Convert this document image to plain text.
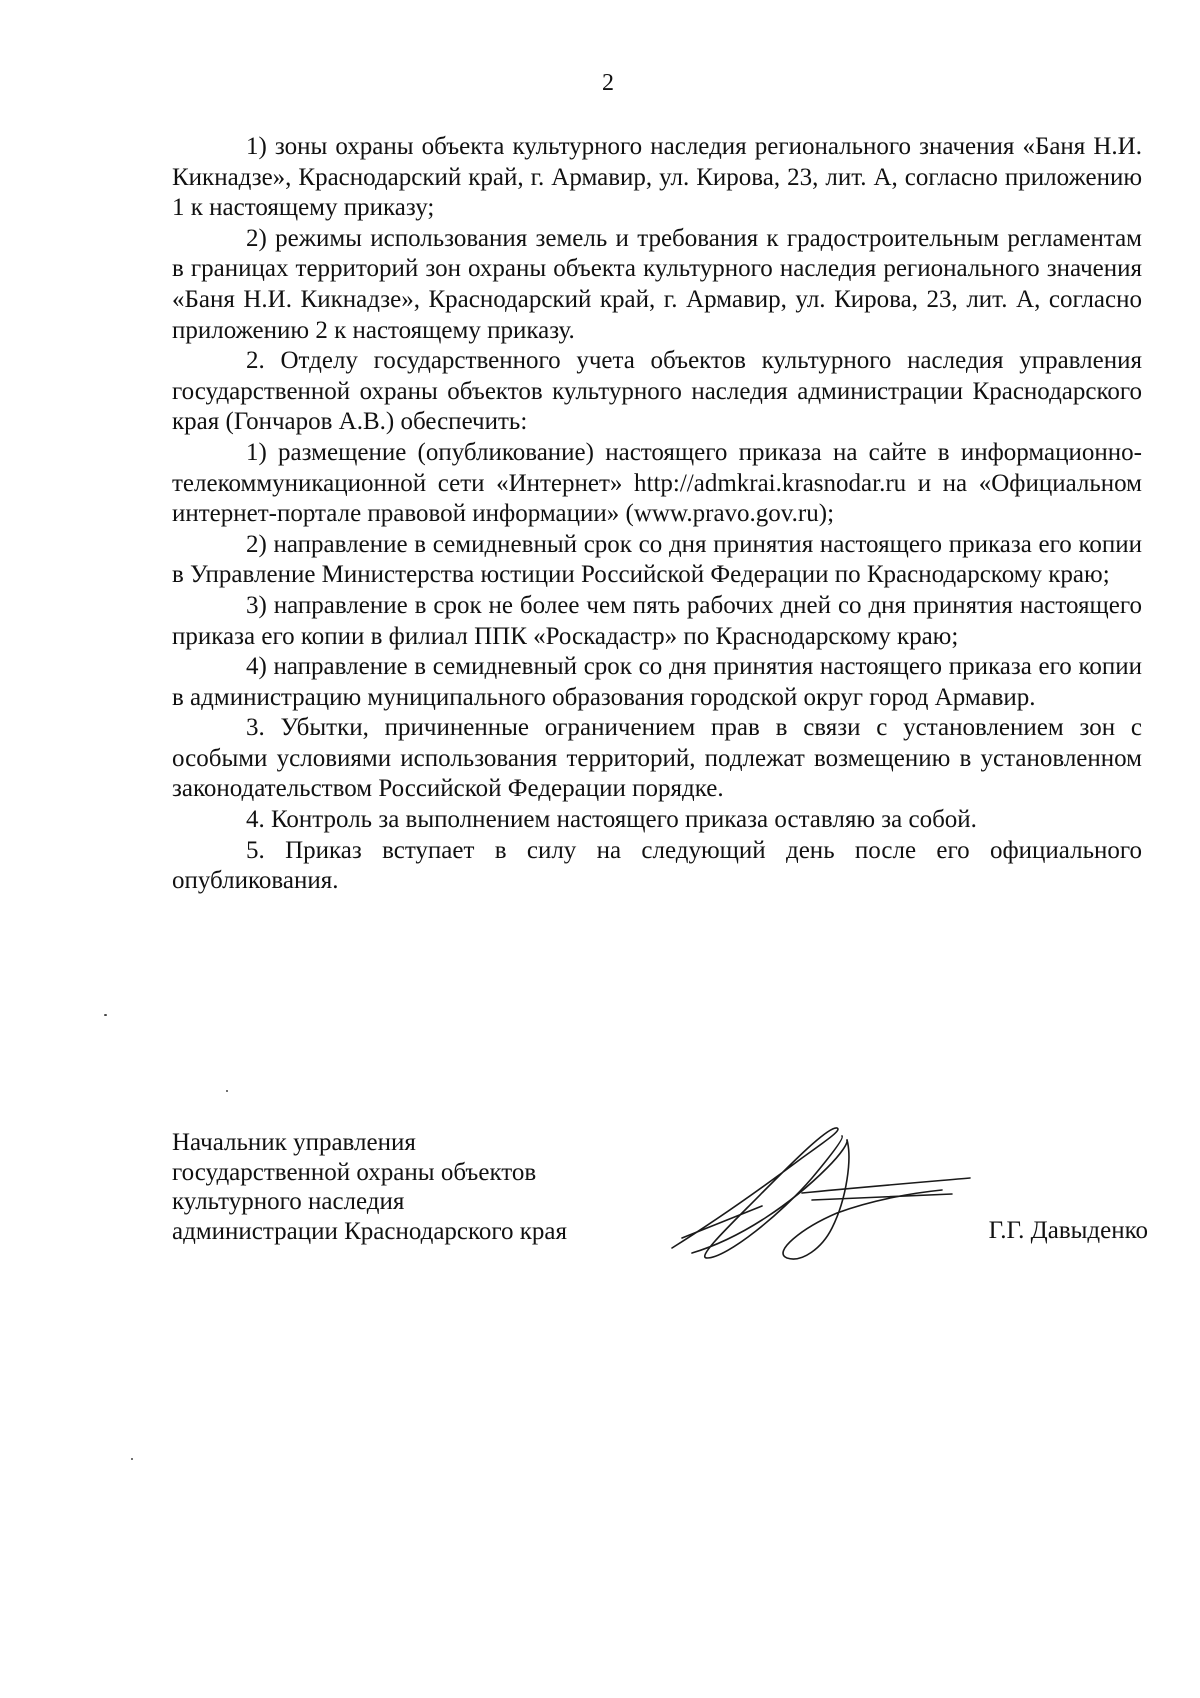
2

1) зоны охраны объекта культурного наследия регионального значения «Баня Н.И. Кикнадзе», Краснодарский край, г. Армавир, ул. Кирова, 23, лит. А, согласно приложению 1 к настоящему приказу;

2) режимы использования земель и требования к градостроительным регламентам в границах территорий зон охраны объекта культурного наследия регионального значения «Баня Н.И. Кикнадзе», Краснодарский край, г. Армавир, ул. Кирова, 23, лит. А, согласно приложению 2 к настоящему приказу.

2. Отделу государственного учета объектов культурного наследия управления государственной охраны объектов культурного наследия администрации Краснодарского края (Гончаров А.В.) обеспечить:

1) размещение (опубликование) настоящего приказа на сайте в информационно-телекоммуникационной сети «Интернет» http://admkrai.krasnodar.ru и на «Официальном интернет-портале правовой информации» (www.pravo.gov.ru);

2) направление в семидневный срок со дня принятия настоящего приказа его копии в Управление Министерства юстиции Российской Федерации по Краснодарскому краю;

3) направление в срок не более чем пять рабочих дней со дня принятия настоящего приказа его копии в филиал ППК «Роскадастр» по Краснодарскому краю;

4) направление в семидневный срок со дня принятия настоящего приказа его копии в администрацию муниципального образования городской округ город Армавир.

3. Убытки, причиненные ограничением прав в связи с установлением зон с особыми условиями использования территорий, подлежат возмещению в установленном законодательством Российской Федерации порядке.

4. Контроль за выполнением настоящего приказа оставляю за собой.

5. Приказ вступает в силу на следующий день после его официального опубликования.

Начальник управления
государственной охраны объектов
культурного наследия
администрации Краснодарского края	Г.Г. Давыденко
